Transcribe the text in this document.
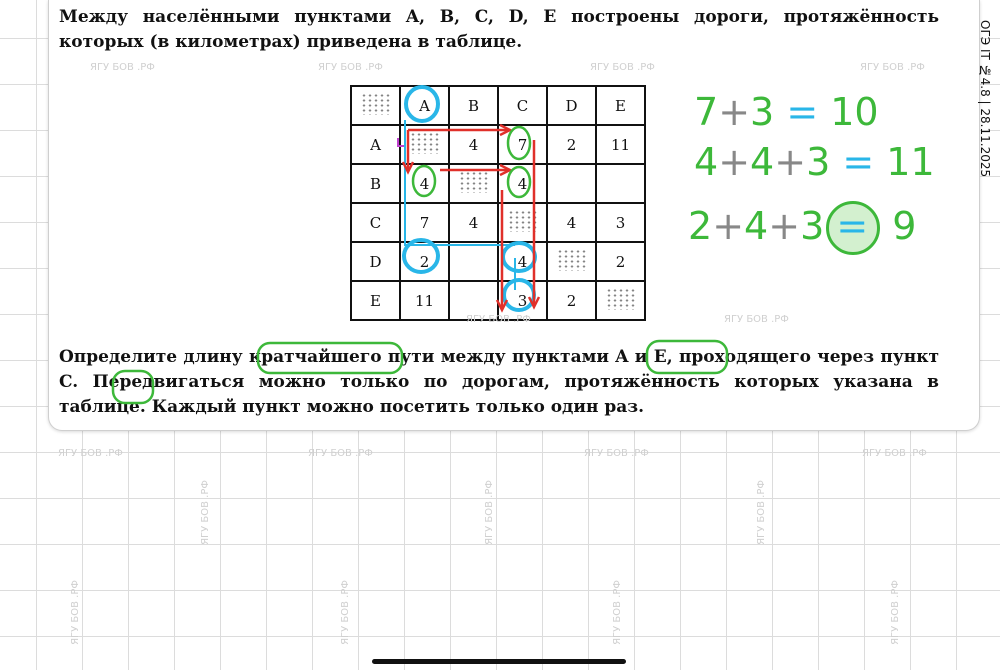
Между населёнными пунктами A, B, C, D, E построены дороги, протяжённость которых (в километрах) приведена в таблице.
	A	B	C	D	E
A		4	7	2	11
B	4		4		
C	7	4		4	3
D	2		4		2
E	11		3	2	
Определите длину кратчайшего пути между пунктами A и E, проходящего через пункт C. Передвигаться можно только по дорогам, протяжённость которых указана в таблице. Каждый пункт можно посетить только один раз.
ЯГУ БОВ .РФ	ЯГУ БОВ .РФ	ЯГУ БОВ .РФ	ЯГУ БОВ .РФ
ЯГУ БОВ .РФ	ЯГУ БОВ .РФ
ЯГУ БОВ .РФ	ЯГУ БОВ .РФ	ЯГУ БОВ .РФ	ЯГУ БОВ .РФ
ЯГУ БОВ .РФ	ЯГУ БОВ .РФ	ЯГУ БОВ .РФ
ЯГУ БОВ .РФ	ЯГУ БОВ .РФ	ЯГУ БОВ .РФ	ЯГУ БОВ .РФ
ОГЭ IT №4.8 | 28.11.2025
7+3 = 10
4+4+3 = 11
2+4+3 = 9
